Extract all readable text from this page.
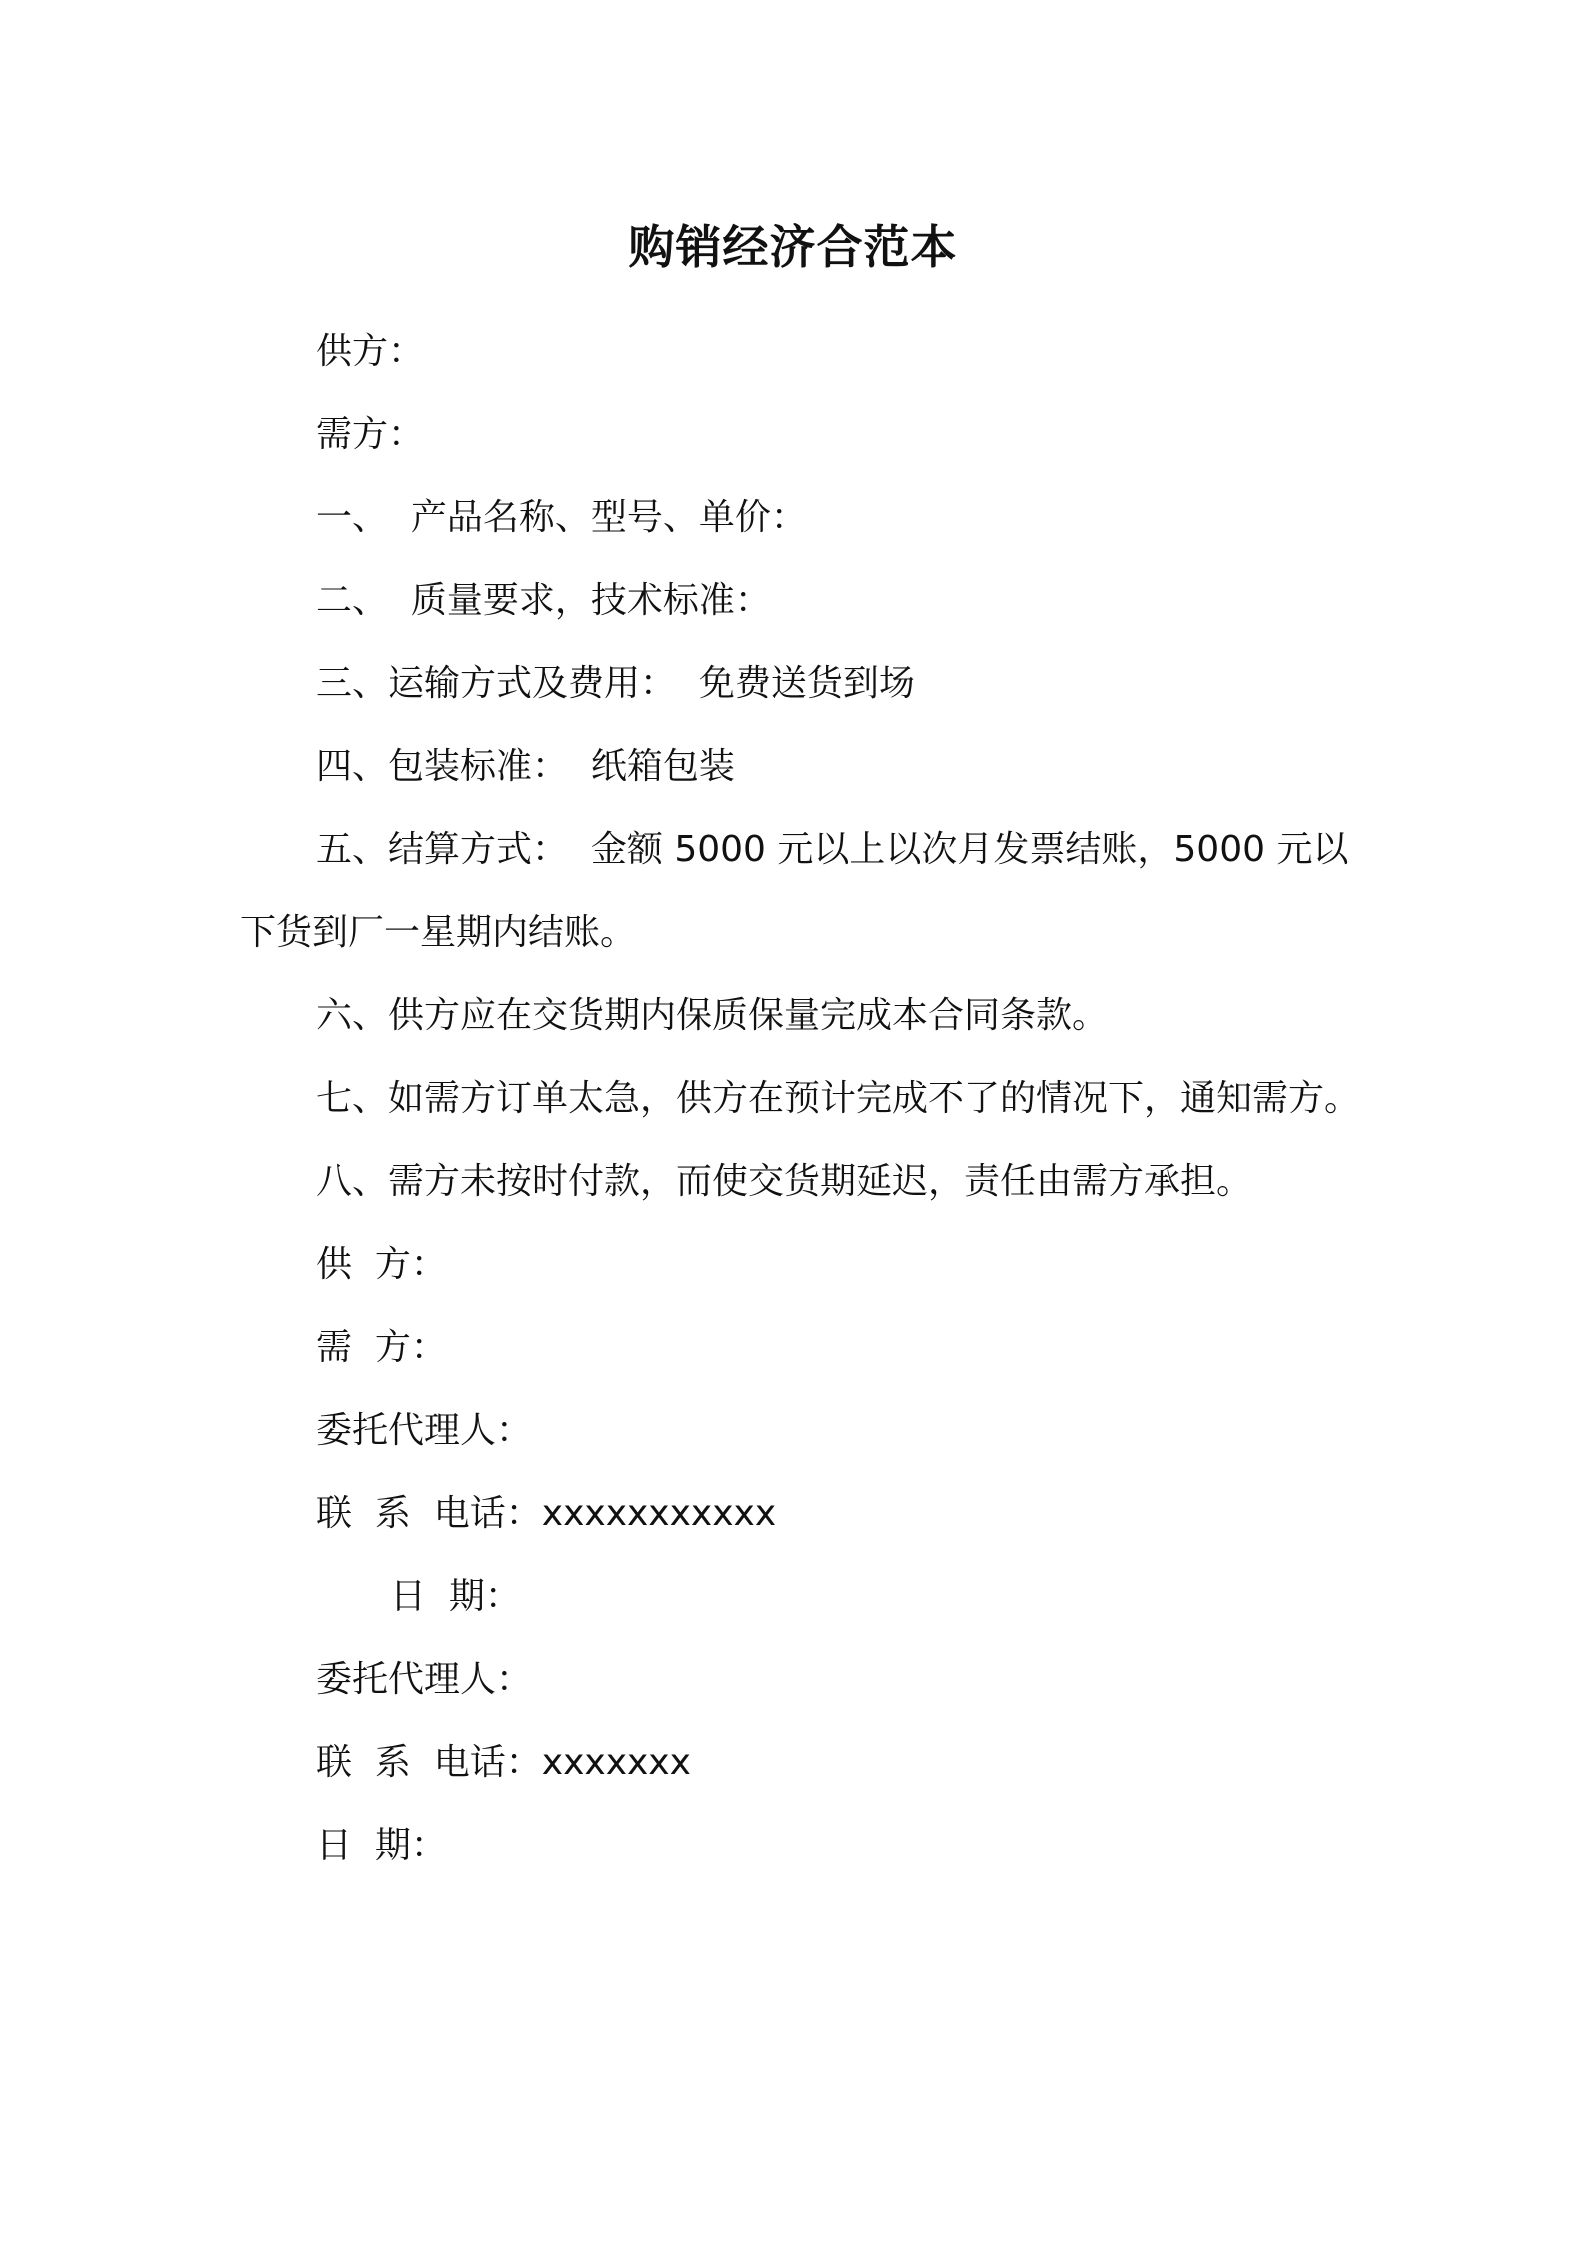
购销经济合范本
供方：
需方：
一、  产品名称、型号、单价：
二、  质量要求，技术标准：
三、运输方式及费用：  免费送货到场
四、包装标准：  纸箱包装
五、结算方式：  金额 5000 元以上以次月发票结账，5000 元以
下货到厂一星期内结账。
六、供方应在交货期内保质保量完成本合同条款。
七、如需方订单太急，供方在预计完成不了的情况下，通知需方。
八、需方未按时付款，而使交货期延迟，责任由需方承担。
供  方：
需  方：
委托代理人：
联  系  电话：xxxxxxxxxxx
日  期：
委托代理人：
联  系  电话：xxxxxxx
日  期：
